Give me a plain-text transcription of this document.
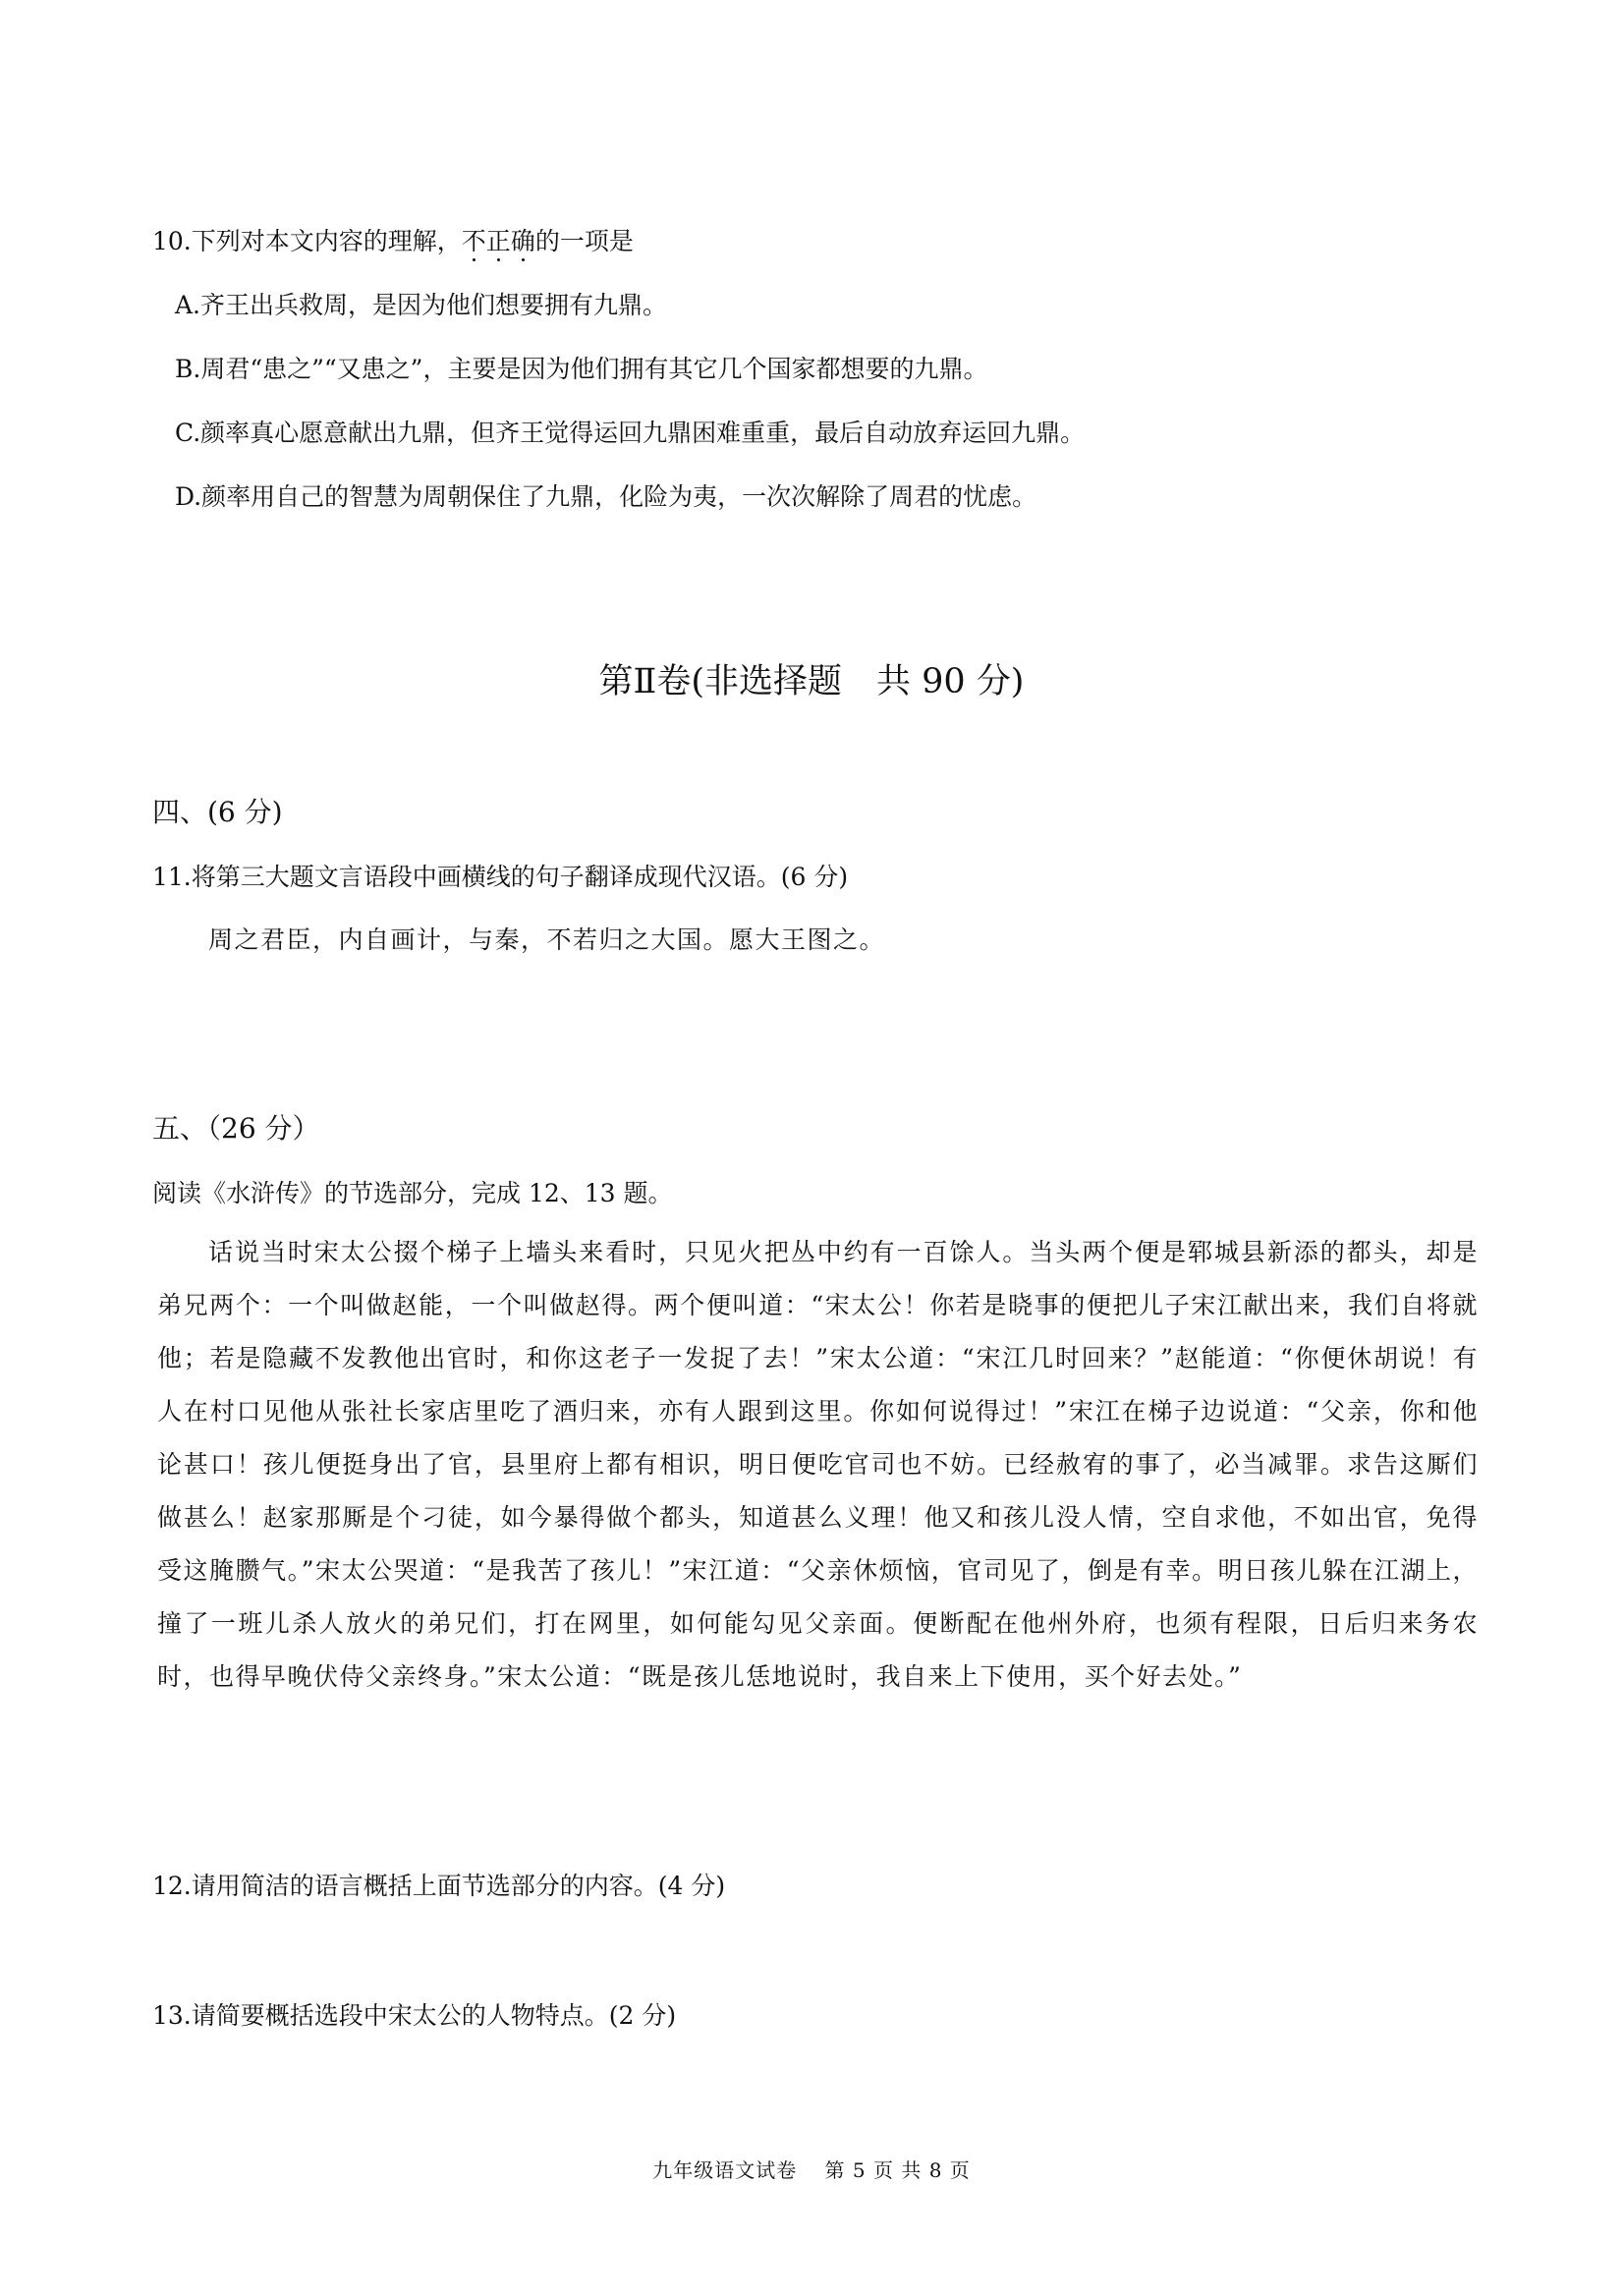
10.下列对本文内容的理解，不正确的一项是
A.齐王出兵救周，是因为他们想要拥有九鼎。
B.周君“患之”“又患之”，主要是因为他们拥有其它几个国家都想要的九鼎。
C.颜率真心愿意献出九鼎，但齐王觉得运回九鼎困难重重，最后自动放弃运回九鼎。
D.颜率用自己的智慧为周朝保住了九鼎，化险为夷，一次次解除了周君的忧虑。
第Ⅱ卷(非选择题　共 90 分)
四、(6 分)
11.将第三大题文言语段中画横线的句子翻译成现代汉语。(6 分)
周之君臣，内自画计，与秦，不若归之大国。愿大王图之。
五、（26 分）
阅读《水浒传》的节选部分，完成 12、13 题。
话说当时宋太公掇个梯子上墙头来看时，只见火把丛中约有一百馀人。当头两个便是郓城县新添的都头，却是弟兄两个：一个叫做赵能，一个叫做赵得。两个便叫道：“宋太公！你若是晓事的便把儿子宋江献出来，我们自将就他；若是隐藏不发教他出官时，和你这老子一发捉了去！”宋太公道：“宋江几时回来？”赵能道：“你便休胡说！有人在村口见他从张社长家店里吃了酒归来，亦有人跟到这里。你如何说得过！”宋江在梯子边说道：“父亲，你和他论甚口！孩儿便挺身出了官，县里府上都有相识，明日便吃官司也不妨。已经赦宥的事了，必当减罪。求告这厮们做甚么！赵家那厮是个刁徒，如今暴得做个都头，知道甚么义理！他又和孩儿没人情，空自求他，不如出官，免得受这腌臜气。”宋太公哭道：“是我苦了孩儿！”宋江道：“父亲休烦恼，官司见了，倒是有幸。明日孩儿躲在江湖上，撞了一班儿杀人放火的弟兄们，打在网里，如何能勾见父亲面。便断配在他州外府，也须有程限，日后归来务农时，也得早晚伏侍父亲终身。”宋太公道：“既是孩儿恁地说时，我自来上下使用，买个好去处。”
12.请用简洁的语言概括上面节选部分的内容。(4 分)
13.请简要概括选段中宋太公的人物特点。(2 分)
九年级语文试卷　 第 5 页 共 8 页
